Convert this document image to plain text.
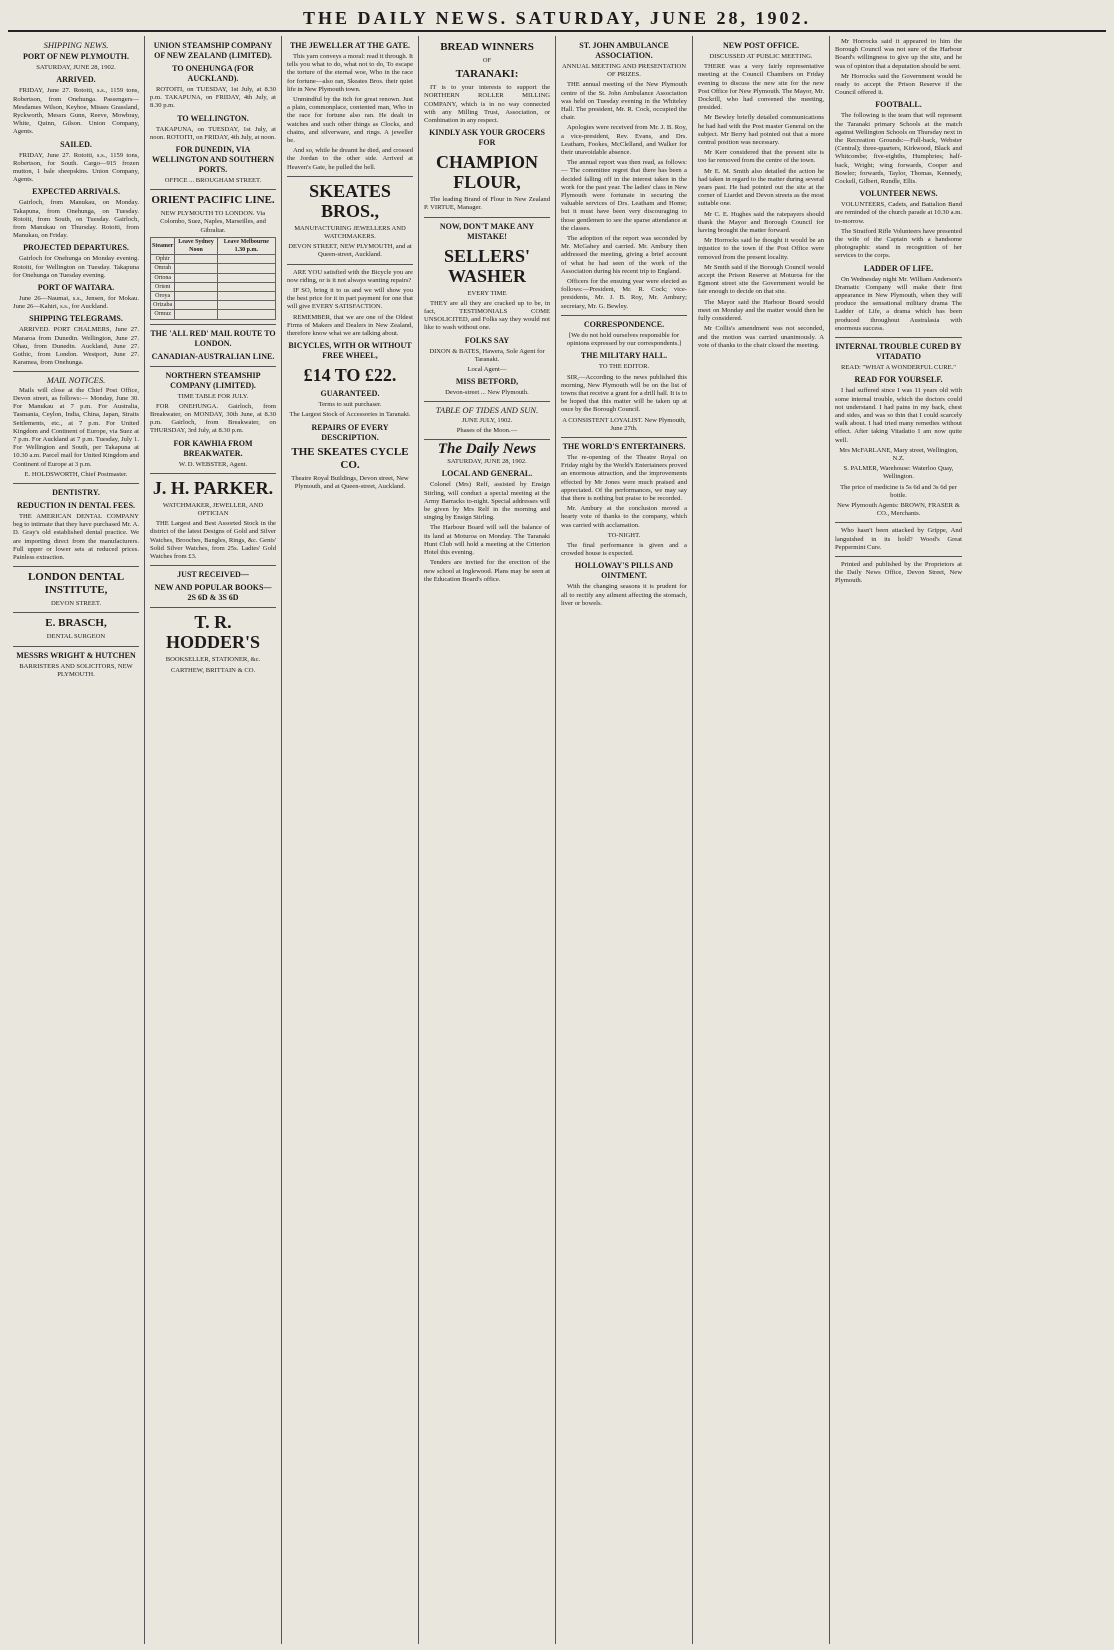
THE DAILY NEWS. SATURDAY, JUNE 28, 1902.
SHIPPING NEWS.
PORT OF NEW PLYMOUTH.
SATURDAY, JUNE 28, 1902.
ARRIVED.

FRIDAY, June 27. Rotoiti, s.s., 1159 tons, Robertson, from Onehunga. Passengers—Mesdames Wilson, Keyhoe, Misses Grassland, Ryckworth, Messrs Gunn, Reeve, Mowbray, White, Quinn, Gilson. Union Company, Agents.

SAILED.

FRIDAY, June 27. Rotoiti, s.s., 1159 tons, Robertson, for South. Cargo—915 frozen mutton, 1 bale sheepskins. Union Company, Agents.

EXPECTED ARRIVALS.

Gairloch, from Manukau, on Monday. Takapuna, from Onehunga, on Tuesday. Rotoiti, from South, on Tuesday. Gairloch, from Manukau on Thursday. Rotoiti, from Manukau, on Friday.

PROJECTED DEPARTURES.

Gairloch for Onehunga on Monday evening. Rotoiti, for Wellington on Tuesday. Takapuna for Onehunga on Tuesday evening.

PORT OF WAITARA.

June 26—Naumai, s.s., Jensen, for Mokau. June 26—Kahiri, s.s., for Auckland.

SHIPPING TELEGRAMS.

ARRIVED. PORT CHALMERS, June 27. Mararoa from Dunedin. Wellington, June 27. Ohau, from Dunedin. Auckland, June 27. Gothic, from London. Westport, June 27. Karamea, from Onehunga.

MAIL NOTICES.

Mails will close at the Chief Post Office, Devon street, as follows:— Monday, June 30. For Manukau at 7 p.m. For Australia, Tasmania, Ceylon, India, China, Japan, Straits Settlements, etc., at 7 p.m. For United Kingdom and Continent of Europe, via Suez at 7 p.m. For Auckland at 7 p.m. Tuesday, July 1. For Wellington and South, per Takapuna at 10.30 a.m. Parcel mail for United Kingdom and Continent of Europe at 3 p.m.

E. HOLDSWORTH, Chief Postmaster.
DENTISTRY.
REDUCTION IN DENTAL FEES.

THE AMERICAN DENTAL COMPANY beg to intimate that they have purchased Mr. A. D. Gray's old established dental practice. We are importing direct from the manufacturers. Full upper or lower sets at reduced prices. Painless extraction.

LONDON DENTAL INSTITUTE,
DEVON STREET.
E. BRASCH,
DENTAL SURGEON
MESSRS WRIGHT & HUTCHEN
BARRISTERS AND SOLICITORS, NEW PLYMOUTH.
UNION STEAMSHIP COMPANY OF NEW ZEALAND (LIMITED).
TO ONEHUNGA (FOR AUCKLAND).

ROTOITI, on TUESDAY, 1st July, at 8.30 p.m. TAKAPUNA, on FRIDAY, 4th July, at 8.30 p.m.

TO WELLINGTON.

TAKAPUNA, on TUESDAY, 1st July, at noon. ROTOITI, on FRIDAY, 4th July, at noon.

FOR DUNEDIN, VIA WELLINGTON AND SOUTHERN PORTS.
OFFICE ... BROUGHAM STREET.
ORIENT PACIFIC LINE.
NEW PLYMOUTH TO LONDON. Via Colombo, Suez, Naples, Marseilles, and Gibraltar.
Steamer	Leave Sydney Noon	Leave Melbourne 1.30 p.m.
Ophir		
Omrah		
Ortona		
Orient		
Oroya		
Orizaba		
Ormuz		
THE 'ALL RED' MAIL ROUTE TO LONDON.
CANADIAN-AUSTRALIAN LINE.
NORTHERN STEAMSHIP COMPANY (LIMITED).
TIME TABLE FOR JULY.

FOR ONEHUNGA. Gairloch, from Breakwater, on MONDAY, 30th June, at 8.30 p.m. Gairloch, from Breakwater, on THURSDAY, 3rd July, at 8.30 p.m.

FOR KAWHIA FROM BREAKWATER.
W. D. WEBSTER, Agent.
J. H. PARKER.
WATCHMAKER, JEWELLER, AND OPTICIAN

THE Largest and Best Assorted Stock in the district of the latest Designs of Gold and Silver Watches, Brooches, Bangles, Rings, &c. Gents' Solid Silver Watches, from 25s. Ladies' Gold Watches from £3.

JUST RECEIVED—
NEW AND POPULAR BOOKS— 2S 6D & 3S 6D
T. R. HODDER'S
BOOKSELLER, STATIONER, &c.
CARTHEW, BRITTAIN & CO.
THE JEWELLER AT THE GATE.

This yarn conveys a moral: read it through. It tells you what to do, what not to do, To escape the torture of the eternal woe, Who in the race for fortune—also ran, Skeates Bros. their quiet life in New Plymouth town.

Unmindful by the itch for great renown. Just a plain, commonplace, contented man, Who in the race for fortune also ran. He dealt in watches and such other things as Clocks, and chains, and silverware, and rings. A jeweller he.

And so, while he dreamt he died, and crossed the Jordan to the other side. Arrived at Heaven's Gate, he pulled the bell.

SKEATES BROS.,
MANUFACTURING JEWELLERS AND WATCHMAKERS.
DEVON STREET, NEW PLYMOUTH, and at Queen-street, Auckland.

ARE YOU satisfied with the Bicycle you are now riding, or is it not always wanting repairs?

IF SO, bring it to us and we will show you the best price for it in part payment for one that will give EVERY SATISFACTION.

REMEMBER, that we are one of the Oldest Firms of Makers and Dealers in New Zealand, therefore know what we are talking about.

BICYCLES, WITH OR WITHOUT FREE WHEEL,
£14 TO £22.
GUARANTEED.
Terms to suit purchaser.
The Largest Stock of Accessories in Taranaki.
REPAIRS OF EVERY DESCRIPTION.
THE SKEATES CYCLE CO.
Theatre Royal Buildings, Devon street, New Plymouth, and at Queen-street, Auckland.
BREAD WINNERS
OF
TARANAKI:

IT is to your interests to support the NORTHERN ROLLER MILLING COMPANY, which is in no way connected with any Milling Trust, Association, or Combination in any respect.

KINDLY ASK YOUR GROCERS FOR
CHAMPION FLOUR,

The leading Brand of Flour in New Zealand P. VIRTUE, Manager.

NOW, DON'T MAKE ANY MISTAKE!
SELLERS' WASHER
EVERY TIME

THEY are all they are cracked up to be, in fact, TESTIMONIALS COME UNSOLICITED, and Folks say they would not like to wash without one.

FOLKS SAY
DIXON & BATES, Hawera, Sole Agent for Taranaki.
Local Agent—
MISS BETFORD,
Devon-street ... New Plymouth.
TABLE OF TIDES AND SUN.
JUNE JULY, 1902.
Phases of the Moon.—
The Daily News
SATURDAY, JUNE 28, 1902.
LOCAL AND GENERAL.

Colonel (Mrs) Relf, assisted by Ensign Stirling, will conduct a special meeting at the Army Barracks to-night. Special addresses will be given by Mrs Relf in the morning and singing by Ensign Stirling.

The Harbour Board will sell the balance of its land at Moturoa on Monday. The Taranaki Hunt Club will hold a meeting at the Criterion Hotel this evening.

Tenders are invited for the erection of the new school at Inglewood. Plans may be seen at the Education Board's office.

ST. JOHN AMBULANCE ASSOCIATION.
ANNUAL MEETING AND PRESENTATION OF PRIZES.

THE annual meeting of the New Plymouth centre of the St. John Ambulance Association was held on Tuesday evening in the Whiteley Hall. The president, Mr. R. Cock, occupied the chair.

Apologies were received from Mr. J. B. Roy, a vice-president, Rev. Evans, and Drs. Leatham, Fookes, McClelland, and Walker for their unavoidable absence.

The annual report was then read, as follows:— The committee regret that there has been a decided falling off in the interest taken in the work for the past year. The ladies' class in New Plymouth were fortunate in securing the valuable services of Drs. Leatham and Home; but it must have been very discouraging to those gentlemen to see the sparse attendance at the classes.

The adoption of the report was seconded by Mr. McGahey and carried. Mr. Ambury then addressed the meeting, giving a brief account of what he had seen of the work of the Association during his recent trip to England.

Officers for the ensuing year were elected as follows:—President, Mr. R. Cock; vice-presidents, Mr. J. B. Roy, Mr. Ambury; secretary, Mr. G. Bewley.

CORRESPONDENCE.
[We do not hold ourselves responsible for opinions expressed by our correspondents.]
THE MILITARY HALL.
TO THE EDITOR.

SIR,—According to the news published this morning, New Plymouth will be on the list of towns that receive a grant for a drill hall. It is to be hoped that this matter will be taken up at once by the Borough Council.

A CONSISTENT LOYALIST. New Plymouth, June 27th.
THE WORLD'S ENTERTAINERS.

The re-opening of the Theatre Royal on Friday night by the World's Entertainers proved an enormous attraction, and the improvements effected by Mr Jones were much praised and appreciated. Of the performances, we may say that there is nothing but praise to be recorded.

Mr. Ambury at the conclusion moved a hearty vote of thanks to the company, which was carried with acclamation.

TO-NIGHT.

The final performance is given and a crowded house is expected.

HOLLOWAY'S PILLS AND OINTMENT.

With the changing seasons it is prudent for all to rectify any ailment affecting the stomach, liver or bowels.

NEW POST OFFICE.
DISCUSSED AT PUBLIC MEETING.

THERE was a very fairly representative meeting at the Council Chambers on Friday evening to discuss the new site for the new Post Office for New Plymouth. The Mayor, Mr. Dockrill, who had convened the meeting, presided.

Mr Bewley briefly detailed communications he had had with the Post master General on the subject. Mr Berry had pointed out that a more central position was necessary.

Mr Kerr considered that the present site is too far removed from the centre of the town.

Mr E. M. Smith also detailed the action he had taken in regard to the matter during several years past. He had pointed out the site at the corner of Liardet and Devon streets as the most suitable one.

Mr C. E. Hughes said the ratepayers should thank the Mayor and Borough Council for having brought the matter forward.

Mr Horrocks said he thought it would be an injustice to the town if the Post Office were removed from the present locality.

Mr Smith said if the Borough Council would accept the Prison Reserve at Moturoa for the Egmont street site the Government would be fair enough to decide on that site.

The Mayor said the Harbour Board would meet on Monday and the matter would then be fully considered.

Mr Collis's amendment was not seconded, and the motion was carried unanimously. A vote of thanks to the chair closed the meeting.

Mr Horrocks said it appeared to him the Borough Council was not sure of the Harbour Board's willingness to give up the site, and he was of opinion that a deputation should be sent.

Mr Horrocks said the Government would be ready to accept the Prison Reserve if the Council offered it.

FOOTBALL.

The following is the team that will represent the Taranaki primary Schools at the match against Wellington Schools on Thursday next in the Recreation Grounds:—Full-back, Webster (Central); three-quarters, Kirkwood, Black and Whitcombe; five-eighths, Humphries; half-back, Wright; wing forwards, Cooper and Bowler; forwards, Taylor, Thomas, Kennedy, Cockell, Gilbert, Rundle, Ellis.

VOLUNTEER NEWS.

VOLUNTEERS, Cadets, and Battalion Band are reminded of the church parade at 10.30 a.m. to-morrow.

The Stratford Rifle Volunteers have presented the wife of the Captain with a handsome photographic stand in recognition of her services to the corps.

LADDER OF LIFE.

On Wednesday night Mr. William Anderson's Dramatic Company will make their first appearance in New Plymouth, when they will produce the sensational military drama The Ladder of Life, a drama which has been produced throughout Australasia with enormous success.

INTERNAL TROUBLE CURED BY VITADATIO
READ: "WHAT A WONDERFUL CURE."
READ FOR YOURSELF.

I had suffered since I was 11 years old with some internal trouble, which the doctors could not understand. I had pains in my back, chest and sides, and was so thin that I could scarcely walk about. I had tried many remedies without effect. After taking Vitadatio I am now quite well.

Mrs McFARLANE, Mary street, Wellington, N.Z.
S. PALMER, Warehouse: Waterloo Quay, Wellington.
The price of medicine is 5s 6d and 3s 6d per bottle.
New Plymouth Agents: BROWN, FRASER & CO., Merchants.

Who hasn't been attacked by Grippe, And languished in its hold? Wood's Great Peppermint Cure.

Printed and published by the Proprietors at the Daily News Office, Devon Street, New Plymouth.
